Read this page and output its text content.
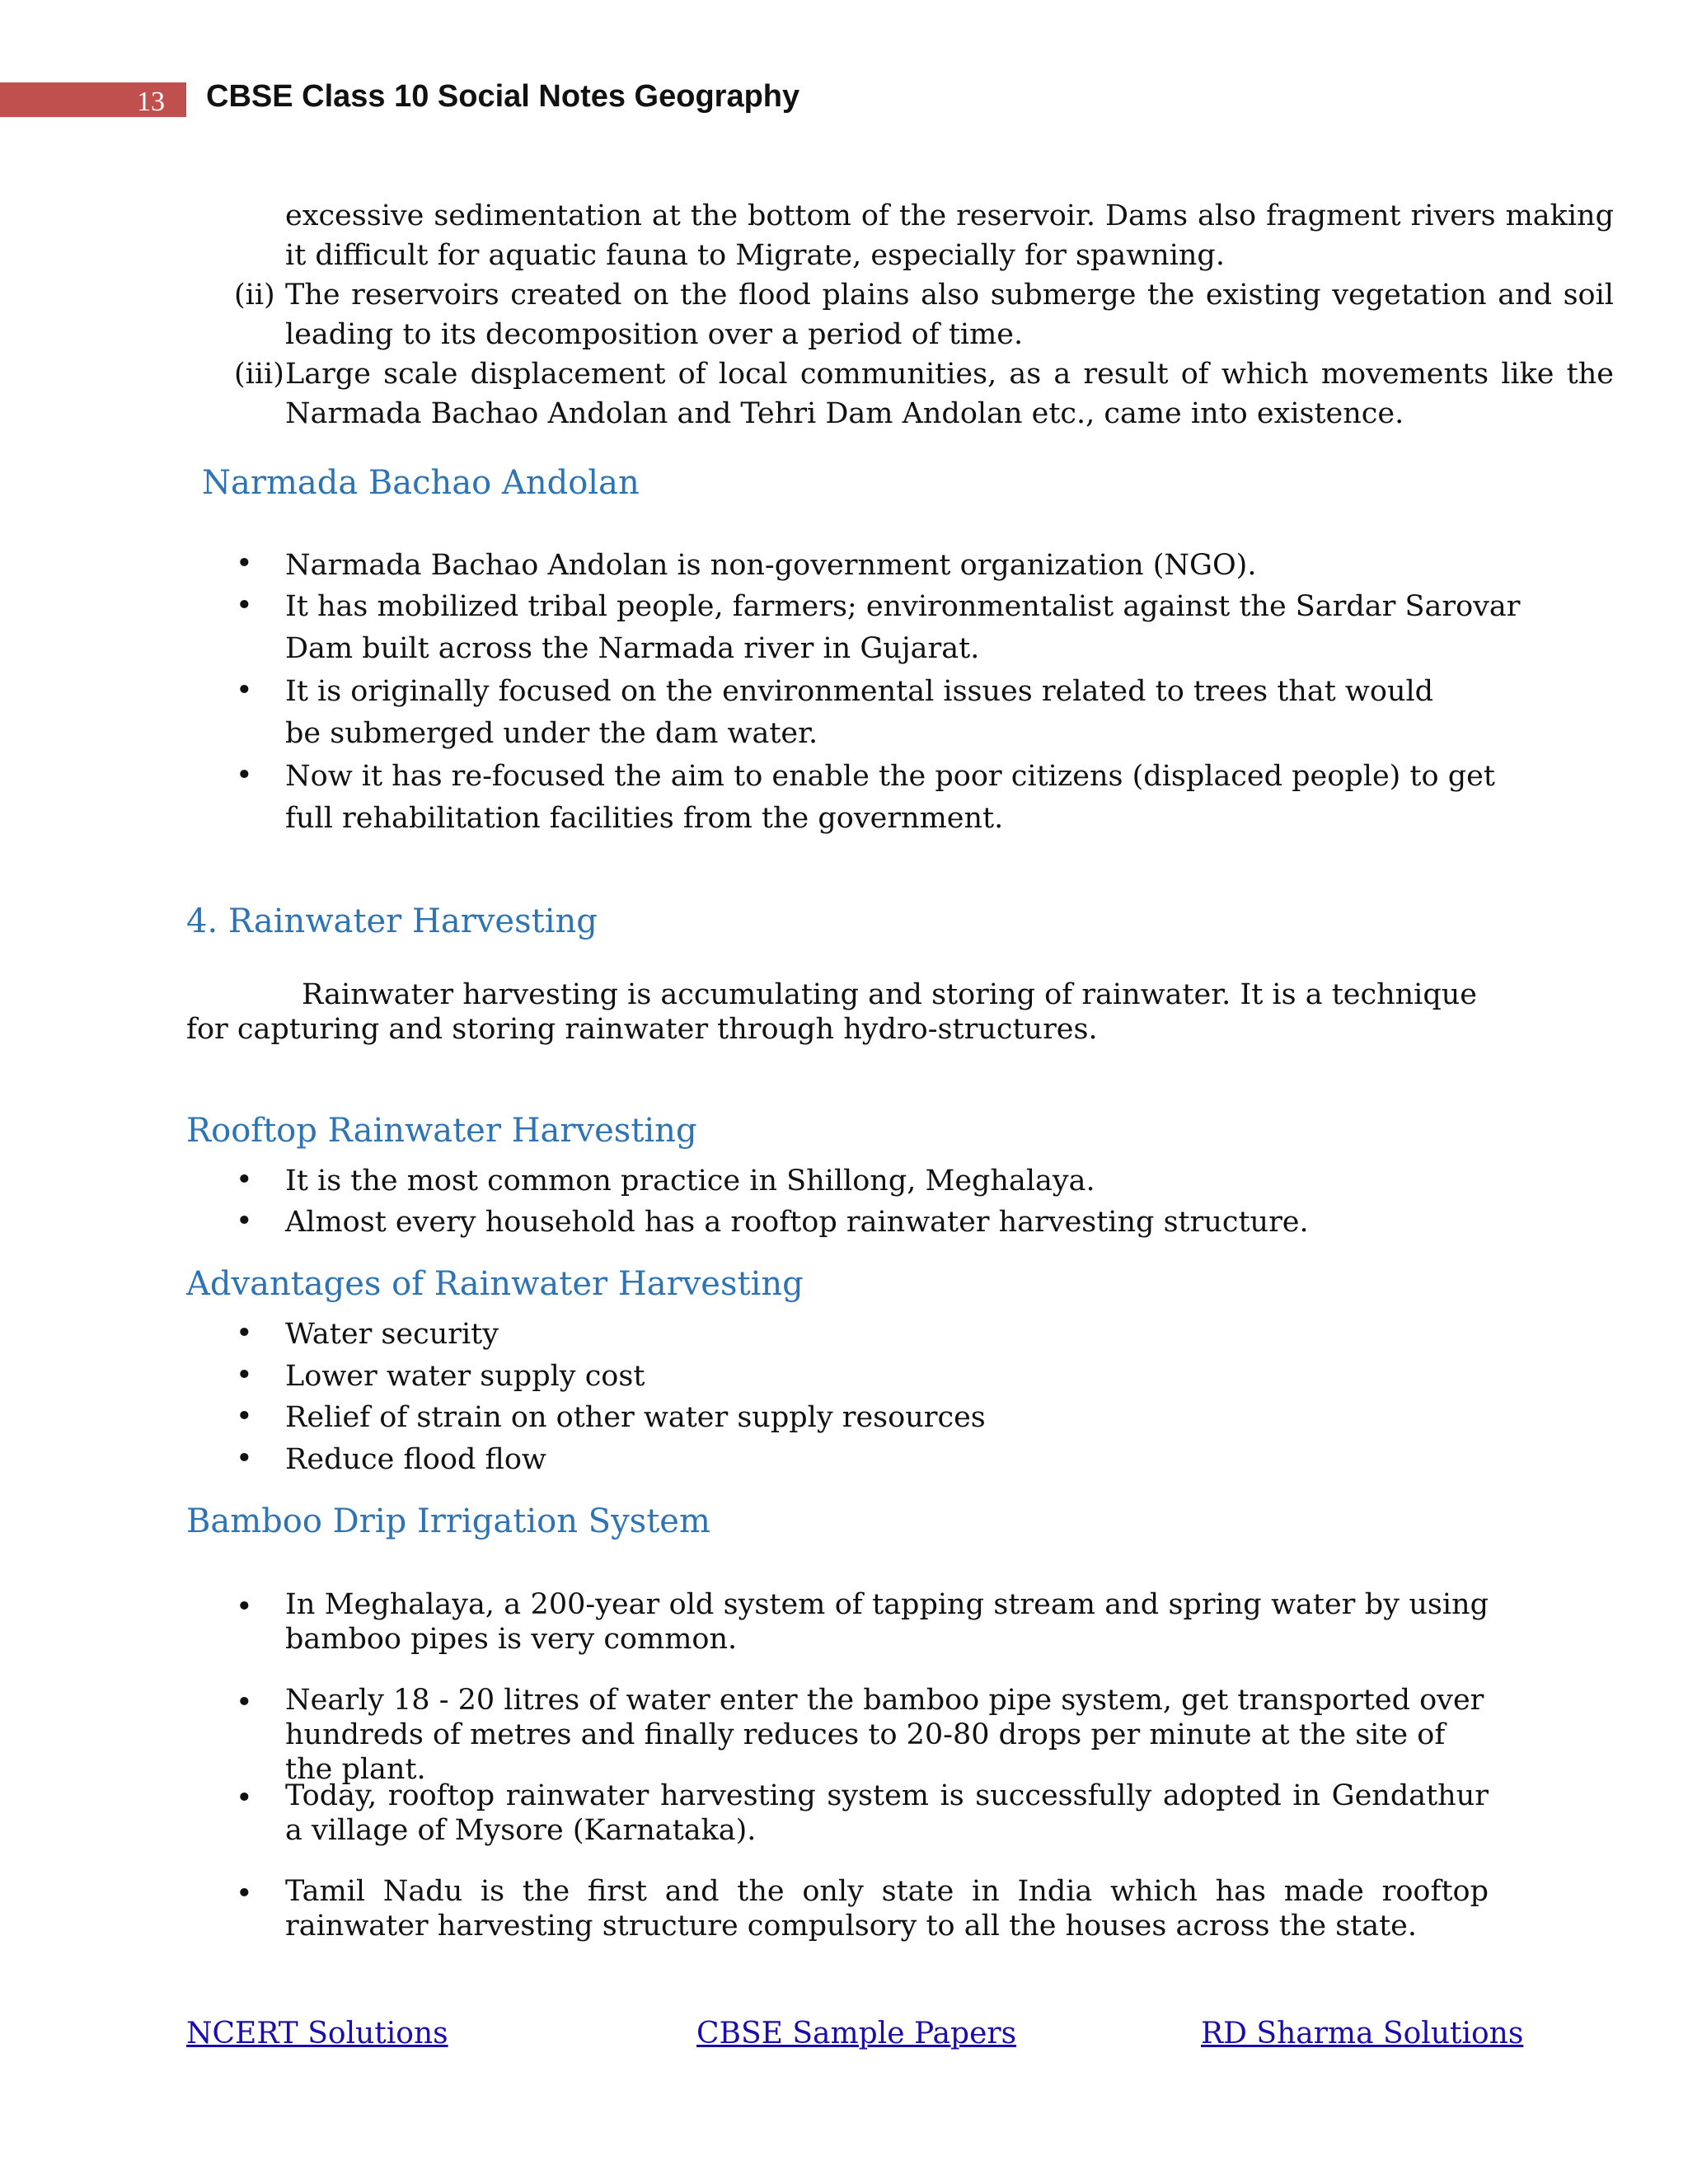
13	CBSE Class 10 Social Notes Geography
excessive sedimentation at the bottom of the reservoir. Dams also fragment rivers making it difficult for aquatic fauna to Migrate, especially for spawning.
(ii) The reservoirs created on the flood plains also submerge the existing vegetation and soil leading to its decomposition over a period of time.
(iii) Large scale displacement of local communities, as a result of which movements like the Narmada Bachao Andolan and Tehri Dam Andolan etc., came into existence.
Narmada Bachao Andolan
•	Narmada Bachao Andolan is non-government organization (NGO).
•	It has mobilized tribal people, farmers; environmentalist against the Sardar Sarovar Dam built across the Narmada river in Gujarat.
•	It is originally focused on the environmental issues related to trees that would be submerged under the dam water.
•	Now it has re-focused the aim to enable the poor citizens (displaced people) to get full rehabilitation facilities from the government.
4. Rainwater Harvesting
Rainwater harvesting is accumulating and storing of rainwater. It is a technique for capturing and storing rainwater through hydro-structures.
Rooftop Rainwater Harvesting
•	It is the most common practice in Shillong, Meghalaya.
•	Almost every household has a rooftop rainwater harvesting structure.
Advantages of Rainwater Harvesting
•	Water security
•	Lower water supply cost
•	Relief of strain on other water supply resources
•	Reduce flood flow
Bamboo Drip Irrigation System
•	In Meghalaya, a 200-year old system of tapping stream and spring water by using bamboo pipes is very common.
•	Nearly 18 - 20 litres of water enter the bamboo pipe system, get transported over hundreds of metres and finally reduces to 20-80 drops per minute at the site of the plant.
•	Today, rooftop rainwater harvesting system is successfully adopted in Gendathur a village of Mysore (Karnataka).
•	Tamil Nadu is the first and the only state in India which has made rooftop rainwater harvesting structure compulsory to all the houses across the state.
NCERT Solutions	CBSE Sample Papers	RD Sharma Solutions
